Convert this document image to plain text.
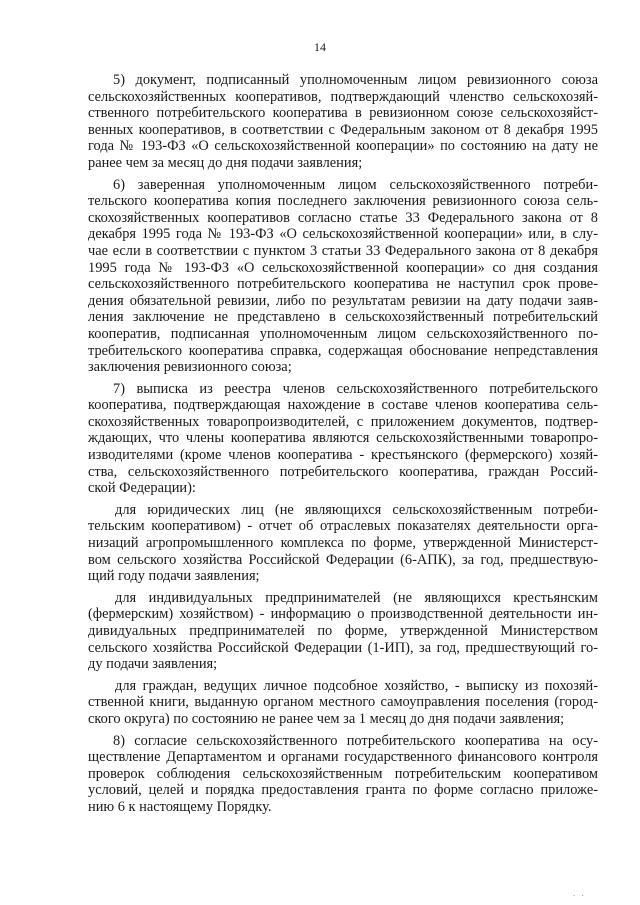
14
5) документ, подписанный уполномоченным лицом ревизионного союза
сельскохозяйственных кооперативов, подтверждающий членство сельскохозяй-
ственного потребительского кооператива в ревизионном союзе сельскохозяйст-
венных кооперативов, в соответствии с Федеральным законом от 8 декабря 1995
года № 193-ФЗ «О сельскохозяйственной кооперации» по состоянию на дату не
ранее чем за месяц до дня подачи заявления;
6) заверенная уполномоченным лицом сельскохозяйственного потреби-
тельского кооператива копия последнего заключения ревизионного союза сель-
скохозяйственных кооперативов согласно статье 33 Федерального закона от 8
декабря 1995 года № 193-ФЗ «О сельскохозяйственной кооперации» или, в слу-
чае если в соответствии с пунктом 3 статьи 33 Федерального закона от 8 декабря
1995 года № 193-ФЗ «О сельскохозяйственной кооперации» со дня создания
сельскохозяйственного потребительского кооператива не наступил срок прове-
дения обязательной ревизии, либо по результатам ревизии на дату подачи заяв-
ления заключение не представлено в сельскохозяйственный потребительский
кооператив, подписанная уполномоченным лицом сельскохозяйственного по-
требительского кооператива справка, содержащая обоснование непредставления
заключения ревизионного союза;
7) выписка из реестра членов сельскохозяйственного потребительского
кооператива, подтверждающая нахождение в составе членов кооператива сель-
скохозяйственных товаропроизводителей, с приложением документов, подтвер-
ждающих, что члены кооператива являются сельскохозяйственными товаропро-
изводителями (кроме членов кооператива - крестьянского (фермерского) хозяй-
ства, сельскохозяйственного потребительского кооператива, граждан Россий-
ской Федерации):
для юридических лиц (не являющихся сельскохозяйственным потреби-
тельским кооперативом) - отчет об отраслевых показателях деятельности орга-
низаций агропромышленного комплекса по форме, утвержденной Министерст-
вом сельского хозяйства Российской Федерации (6-АПК), за год, предшествую-
щий году подачи заявления;
для индивидуальных предпринимателей (не являющихся крестьянским
(фермерским) хозяйством) - информацию о производственной деятельности ин-
дивидуальных предпринимателей по форме, утвержденной Министерством
сельского хозяйства Российской Федерации (1-ИП), за год, предшествующий го-
ду подачи заявления;
для граждан, ведущих личное подсобное хозяйство, - выписку из похозяй-
ственной книги, выданную органом местного самоуправления поселения (город-
ского округа) по состоянию не ранее чем за 1 месяц до дня подачи заявления;
8) согласие сельскохозяйственного потребительского кооператива на осу-
ществление Департаментом и органами государственного финансового контроля
проверок соблюдения сельскохозяйственным потребительским кооперативом
условий, целей и порядка предоставления гранта по форме согласно приложе-
нию 6 к настоящему Порядку.
. .
